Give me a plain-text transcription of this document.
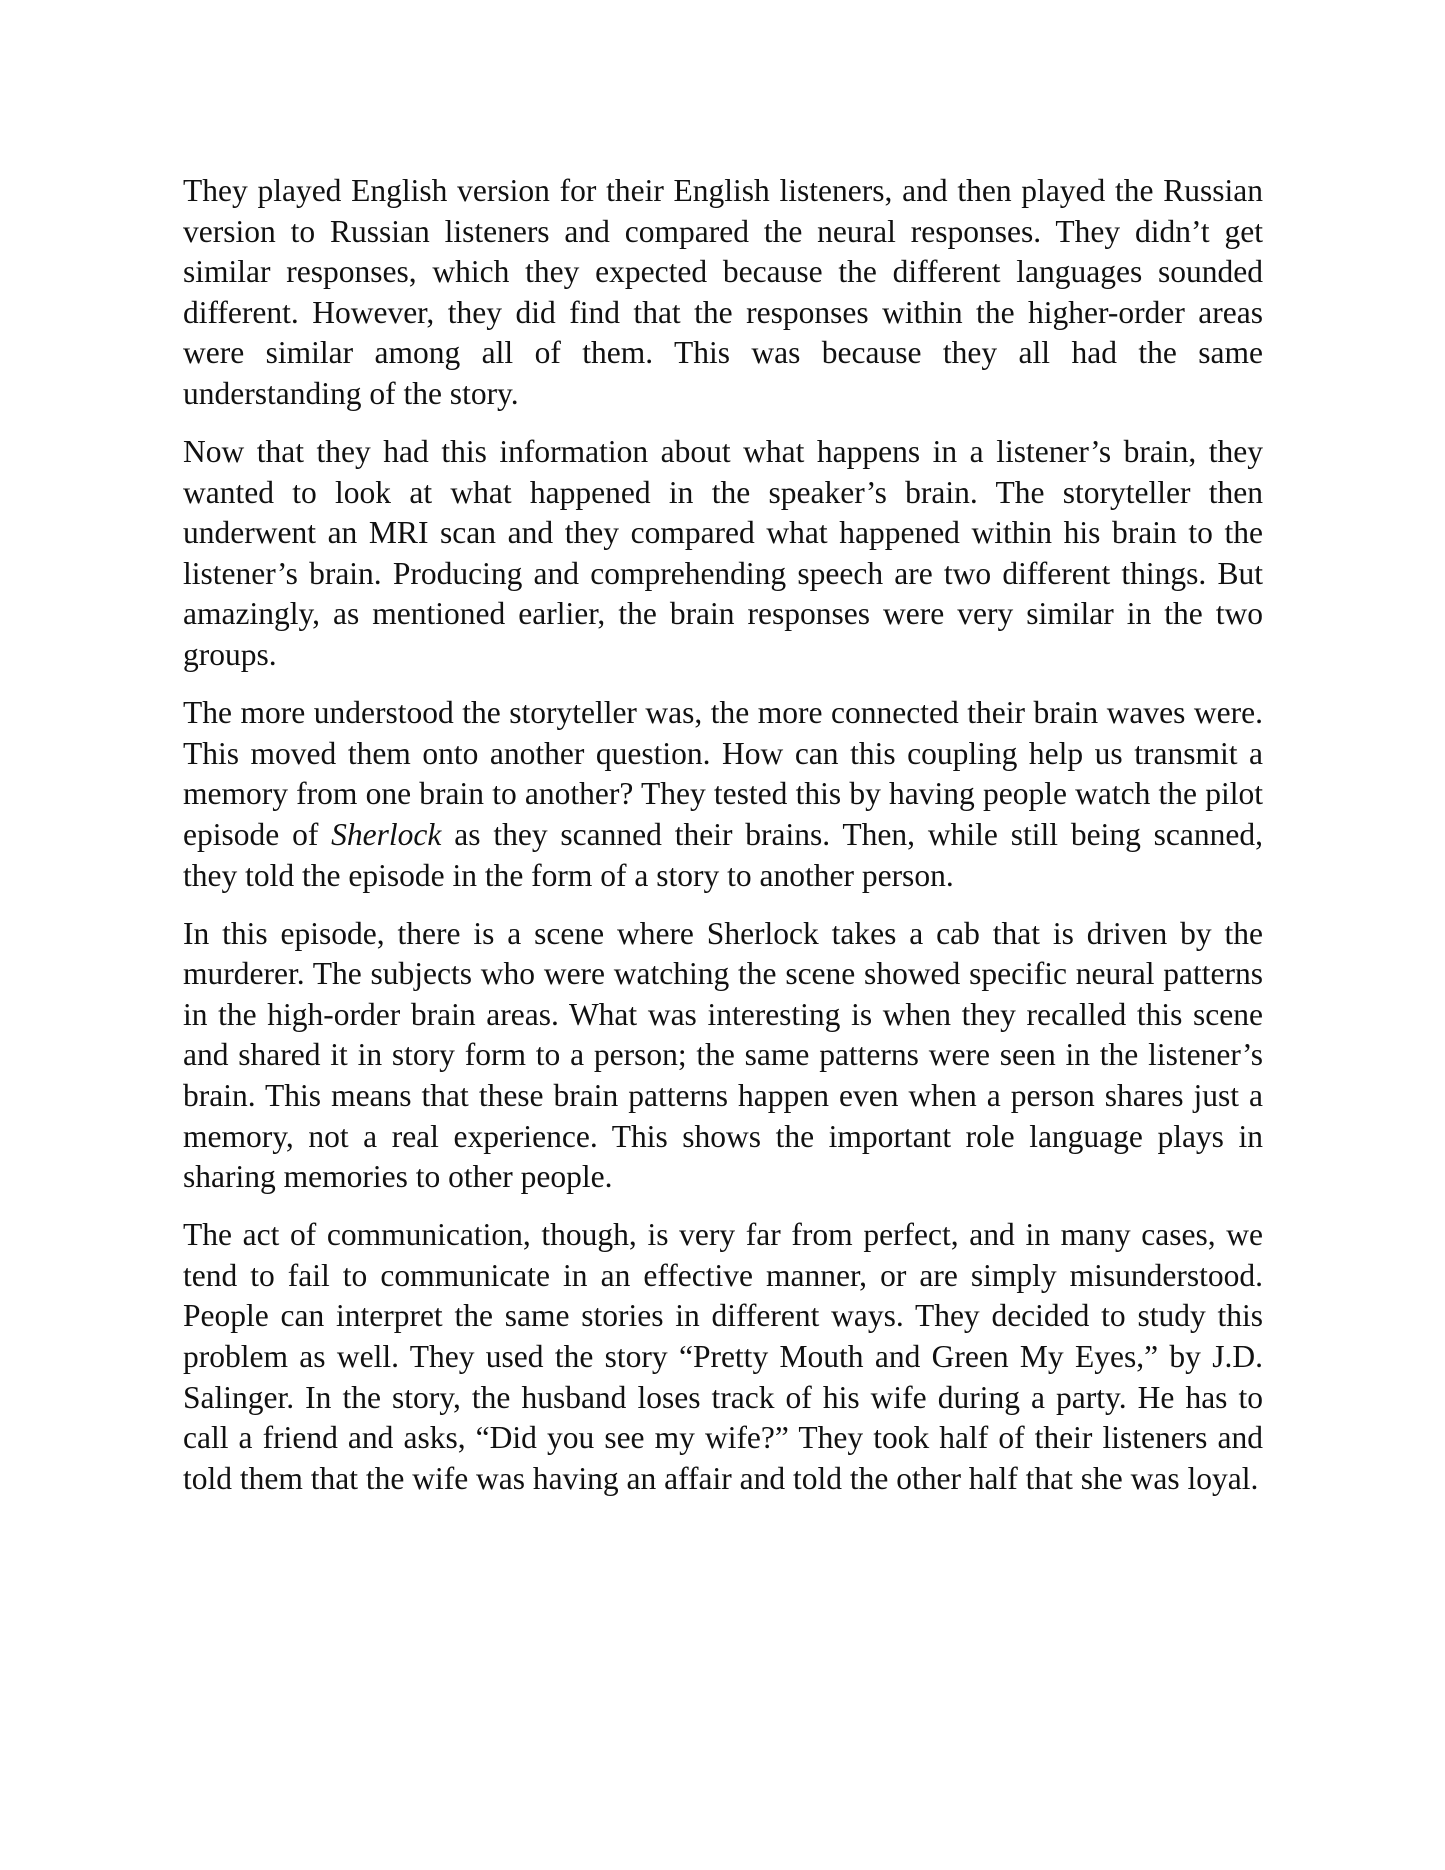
They played English version for their English listeners, and then played the Russian version to Russian listeners and compared the neural responses. They didn’t get similar responses, which they expected because the different languages sounded different. However, they did find that the responses within the higher-order areas were similar among all of them. This was because they all had the same understanding of the story.

Now that they had this information about what happens in a listener’s brain, they wanted to look at what happened in the speaker’s brain. The storyteller then underwent an MRI scan and they compared what happened within his brain to the listener’s brain. Producing and comprehending speech are two different things. But amazingly, as mentioned earlier, the brain responses were very similar in the two groups.

The more understood the storyteller was, the more connected their brain waves were. This moved them onto another question. How can this coupling help us transmit a memory from one brain to another? They tested this by having people watch the pilot episode of Sherlock as they scanned their brains. Then, while still being scanned, they told the episode in the form of a story to another person.

In this episode, there is a scene where Sherlock takes a cab that is driven by the murderer. The subjects who were watching the scene showed specific neural patterns in the high-order brain areas. What was interesting is when they recalled this scene and shared it in story form to a person; the same patterns were seen in the listener’s brain. This means that these brain patterns happen even when a person shares just a memory, not a real experience. This shows the important role language plays in sharing memories to other people.

The act of communication, though, is very far from perfect, and in many cases, we tend to fail to communicate in an effective manner, or are simply misunderstood. People can interpret the same stories in different ways. They decided to study this problem as well. They used the story “Pretty Mouth and Green My Eyes,” by J.D. Salinger. In the story, the husband loses track of his wife during a party. He has to call a friend and asks, “Did you see my wife?” They took half of their listeners and told them that the wife was having an affair and told the other half that she was loyal.
